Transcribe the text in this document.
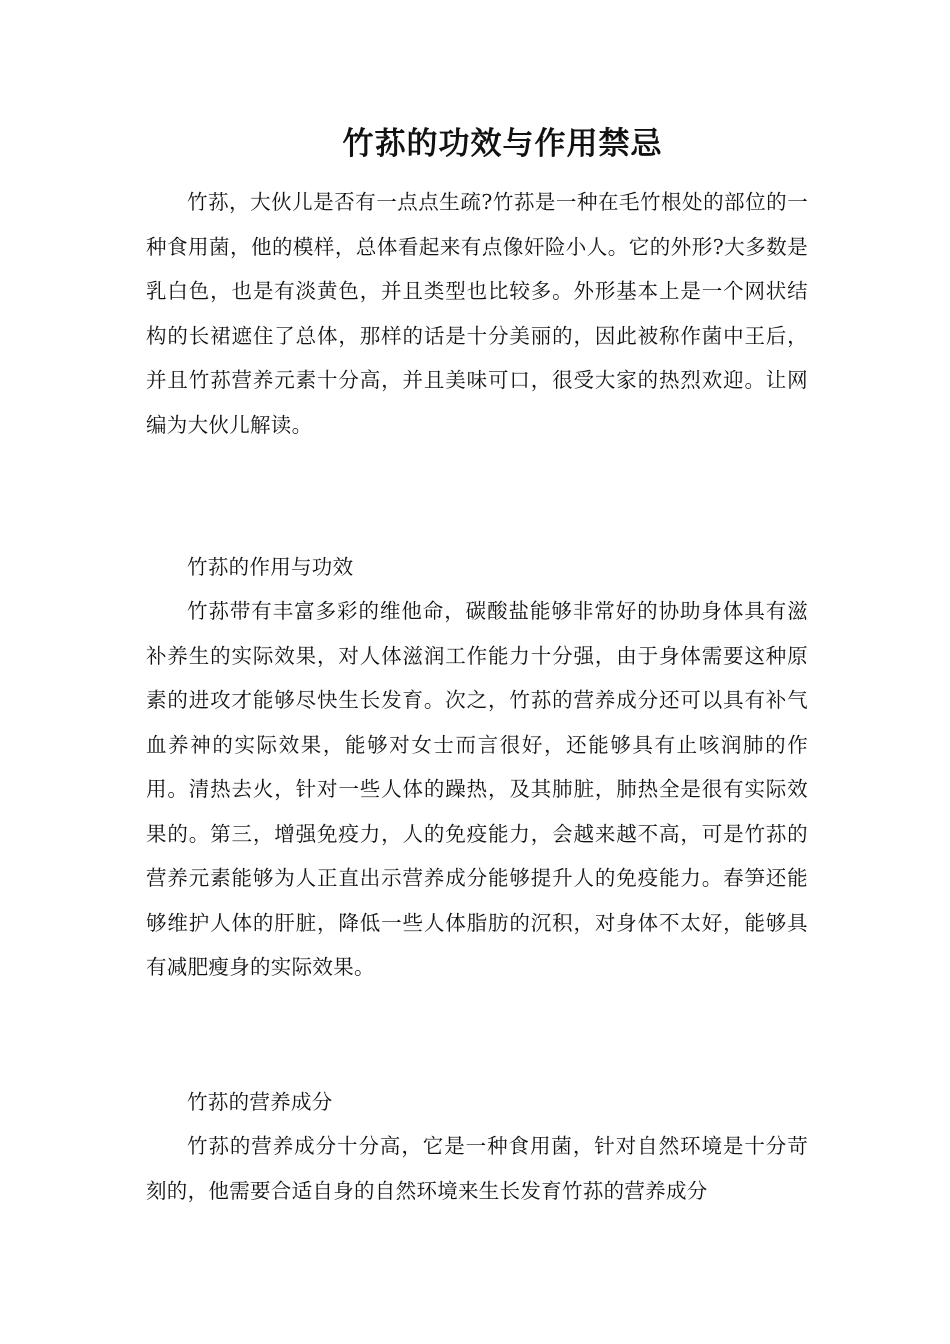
竹荪的功效与作用禁忌

竹荪，大伙儿是否有一点点生疏?竹荪是一种在毛竹根处的部位的一种食用菌，他的模样，总体看起来有点像奸险小人。它的外形?大多数是乳白色，也是有淡黄色，并且类型也比较多。外形基本上是一个网状结构的长裙遮住了总体，那样的话是十分美丽的，因此被称作菌中王后，并且竹荪营养元素十分高，并且美味可口，很受大家的热烈欢迎。让网编为大伙儿解读。

竹荪的作用与功效

竹荪带有丰富多彩的维他命，碳酸盐能够非常好的协助身体具有滋补养生的实际效果，对人体滋润工作能力十分强，由于身体需要这种原素的进攻才能够尽快生长发育。次之，竹荪的营养成分还可以具有补气血养神的实际效果，能够对女士而言很好，还能够具有止咳润肺的作用。清热去火，针对一些人体的躁热，及其肺脏，肺热全是很有实际效果的。第三，增强免疫力，人的免疫能力，会越来越不高，可是竹荪的营养元素能够为人正直出示营养成分能够提升人的免疫能力。春笋还能够维护人体的肝脏，降低一些人体脂肪的沉积，对身体不太好，能够具有减肥瘦身的实际效果。

竹荪的营养成分

竹荪的营养成分十分高，它是一种食用菌，针对自然环境是十分苛刻的，他需要合适自身的自然环境来生长发育竹荪的营养成分
